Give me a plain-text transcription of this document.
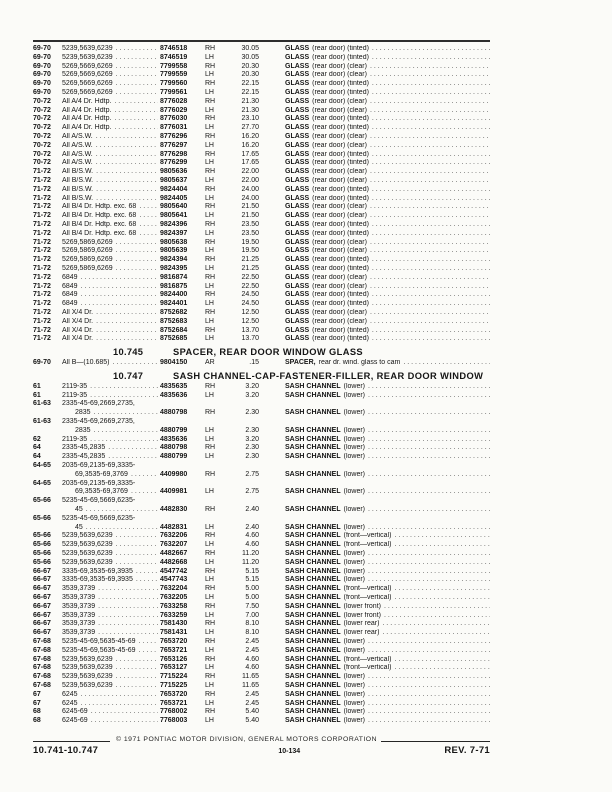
69-70	5239,5639,6239 . . .	8746518	RH	30.05	GLASS (rear door) (tinted)
. . .
69-70	5239,5639,6239 . . .	8746519	LH	30.05	GLASS (rear door) (tinted)
. . .
69-70	5269,5669,6269 . . .	7799558	RH	20.30	GLASS (rear door) (clear)
. . .
69-70	5269,5669,6269 . . .	7799559	LH	20.30	GLASS (rear door) (clear)
. . .
69-70	5269,5669,6269 . . .	7799560	RH	22.15	GLASS (rear door) (tinted)
. . .
69-70	5269,5669,6269 . . .	7799561	LH	22.15	GLASS (rear door) (tinted)
. . .
70-72	All A/4 Dr. Hdtp. . . .	8776028	RH	21.30	GLASS (rear door) (clear)
. . .
70-72	All A/4 Dr. Hdtp. . . .	8776029	LH	21.30	GLASS (rear door) (clear)
. . .
70-72	All A/4 Dr. Hdtp. . . .	8776030	RH	23.10	GLASS (rear door) (tinted)
. . .
70-72	All A/4 Dr. Hdtp. . . .	8776031	LH	27.70	GLASS (rear door) (tinted)
. . .
70-72	All A/S.W. . . .	8776296	RH	16.20	GLASS (rear door) (clear)
. . .
70-72	All A/S.W. . . .	8776297	LH	16.20	GLASS (rear door) (clear)
. . .
70-72	All A/S.W. . . .	8776298	RH	17.65	GLASS (rear door) (tinted)
. . .
70-72	All A/S.W. . . .	8776299	LH	17.65	GLASS (rear door) (tinted)
. . .
71-72	All B/S.W. . . .	9805636	RH	22.00	GLASS (rear door) (clear)
. . .
71-72	All B/S.W. . . .	9805637	LH	22.00	GLASS (rear door) (clear)
. . .
71-72	All B/S.W. . . .	9824404	RH	24.00	GLASS (rear door) (tinted)
. . .
71-72	All B/S.W. . . .	9824405	LH	24.00	GLASS (rear door) (tinted)
. . .
71-72	All B/4 Dr. Hdtp. exc. 68 . . .	9805640	RH	21.50	GLASS (rear door) (clear)
. . .
71-72	All B/4 Dr. Hdtp. exc. 68 . . .	9805641	LH	21.50	GLASS (rear door) (clear)
. . .
71-72	All B/4 Dr. Hdtp. exc. 68 . . .	9824396	RH	23.50	GLASS (rear door) (tinted)
. . .
71-72	All B/4 Dr. Hdtp. exc. 68 . . .	9824397	LH	23.50	GLASS (rear door) (tinted)
. . .
71-72	5269,5869,6269 . . .	9805638	RH	19.50	GLASS (rear door) (clear)
. . .
71-72	5269,5869,6269 . . .	9805639	LH	19.50	GLASS (rear door) (clear)
. . .
71-72	5269,5869,6269 . . .	9824394	RH	21.25	GLASS (rear door) (tinted)
. . .
71-72	5269,5869,6269 . . .	9824395	LH	21.25	GLASS (rear door) (tinted)
. . .
71-72	6849 . . .	9816874	RH	22.50	GLASS (rear door) (clear)
. . .
71-72	6849 . . .	9816875	LH	22.50	GLASS (rear door) (clear)
. . .
71-72	6849 . . .	9824400	RH	24.50	GLASS (rear door) (tinted)
. . .
71-72	6849 . . .	9824401	LH	24.50	GLASS (rear door) (tinted)
. . .
71-72	All X/4 Dr. . . .	8752682	RH	12.50	GLASS (rear door) (clear)
. . .
71-72	All X/4 Dr. . . .	8752683	LH	12.50	GLASS (rear door) (clear)
. . .
71-72	All X/4 Dr. . . .	8752684	RH	13.70	GLASS (rear door) (tinted)
. . .
71-72	All X/4 Dr. . . .	8752685	LH	13.70	GLASS (rear door) (tinted)
. . .
10.745	SPACER, REAR DOOR WINDOW GLASS
69-70	All B—(10.685) . . .	9804150	AR	.15	SPACER, rear dr. wind. glass to cam
. . .
10.747	SASH CHANNEL-CAP-FASTENER-FILLER, REAR DOOR WINDOW
61	2119-35 . . .	4835635	RH	3.20	SASH CHANNEL (lower)
. . .
61	2119-35 . . .	4835636	LH	3.20	SASH CHANNEL (lower)
. . .
61-63	2335-45-69,2669,2735,
2835 . . .	4880798	RH	2.30	SASH CHANNEL (lower)
. . .
61-63	2335-45-69,2669,2735,
2835 . . .	4880799	LH	2.30	SASH CHANNEL (lower)
. . .
62	2119-35 . . .	4835636	LH	3.20	SASH CHANNEL (lower)
. . .
64	2335-45,2835 . . .	4880798	RH	2.30	SASH CHANNEL (lower)
. . .
64	2335-45,2835 . . .	4880799	LH	2.30	SASH CHANNEL (lower)
. . .
64-65	2035-69,2135-69,3335-
69,3535-69,3769 . . .	4409980	RH	2.75	SASH CHANNEL (lower)
. . .
64-65	2035-69,2135-69,3335-
69,3535-69,3769 . . .	4409981	LH	2.75	SASH CHANNEL (lower)
. . .
65-66	5235-45-69,5669,6235-
45 . . .	4482830	RH	2.40	SASH CHANNEL (lower)
. . .
65-66	5235-45-69,5669,6235-
45 . . .	4482831	LH	2.40	SASH CHANNEL (lower)
. . .
65-66	5239,5639,6239 . . .	7632206	RH	4.60	SASH CHANNEL (front—vertical)
. . .
65-66	5239,5639,6239 . . .	7632207	LH	4.60	SASH CHANNEL (front—vertical)
. . .
65-66	5239,5639,6239 . . .	4482667	RH	11.20	SASH CHANNEL (lower)
. . .
65-66	5239,5639,6239 . . .	4482668	LH	11.20	SASH CHANNEL (lower)
. . .
66-67	3335-69,3535-69,3935 . . .	4547742	RH	5.15	SASH CHANNEL (lower)
. . .
66-67	3335-69,3535-69,3935 . . .	4547743	LH	5.15	SASH CHANNEL (lower)
. . .
66-67	3539,3739 . . .	7632204	RH	5.00	SASH CHANNEL (front—vertical)
. . .
66-67	3539,3739 . . .	7632205	LH	5.00	SASH CHANNEL (front—vertical)
. . .
66-67	3539,3739 . . .	7633258	RH	7.50	SASH CHANNEL (lower front)
. . .
66-67	3539,3739 . . .	7633259	LH	7.00	SASH CHANNEL (lower front)
. . .
66-67	3539,3739 . . .	7581430	RH	8.10	SASH CHANNEL (lower rear)
. . .
66-67	3539,3739 . . .	7581431	LH	8.10	SASH CHANNEL (lower rear)
. . .
67-68	5235-45-69,5635-45-69 . . .	7653720	RH	2.45	SASH CHANNEL (lower)
. . .
67-68	5235-45-69,5635-45-69 . . .	7653721	LH	2.45	SASH CHANNEL (lower)
. . .
67-68	5239,5639,6239 . . .	7653126	RH	4.60	SASH CHANNEL (front—vertical)
. . .
67-68	5239,5639,6239 . . .	7653127	LH	4.60	SASH CHANNEL (front—vertical)
. . .
67-68	5239,5639,6239 . . .	7715224	RH	11.65	SASH CHANNEL (lower)
. . .
67-68	5239,5639,6239 . . .	7715225	LH	11.65	SASH CHANNEL (lower)
. . .
67	6245 . . .	7653720	RH	2.45	SASH CHANNEL (lower)
. . .
67	6245 . . .	7653721	LH	2.45	SASH CHANNEL (lower)
. . .
68	6245-69 . . .	7768002	RH	5.40	SASH CHANNEL (lower)
. . .
68	6245-69 . . .	7768003	LH	5.40	SASH CHANNEL (lower)
. . .
© 1971 PONTIAC MOTOR DIVISION, GENERAL MOTORS CORPORATION
10.741-10.747	10-134	REV. 7-71
